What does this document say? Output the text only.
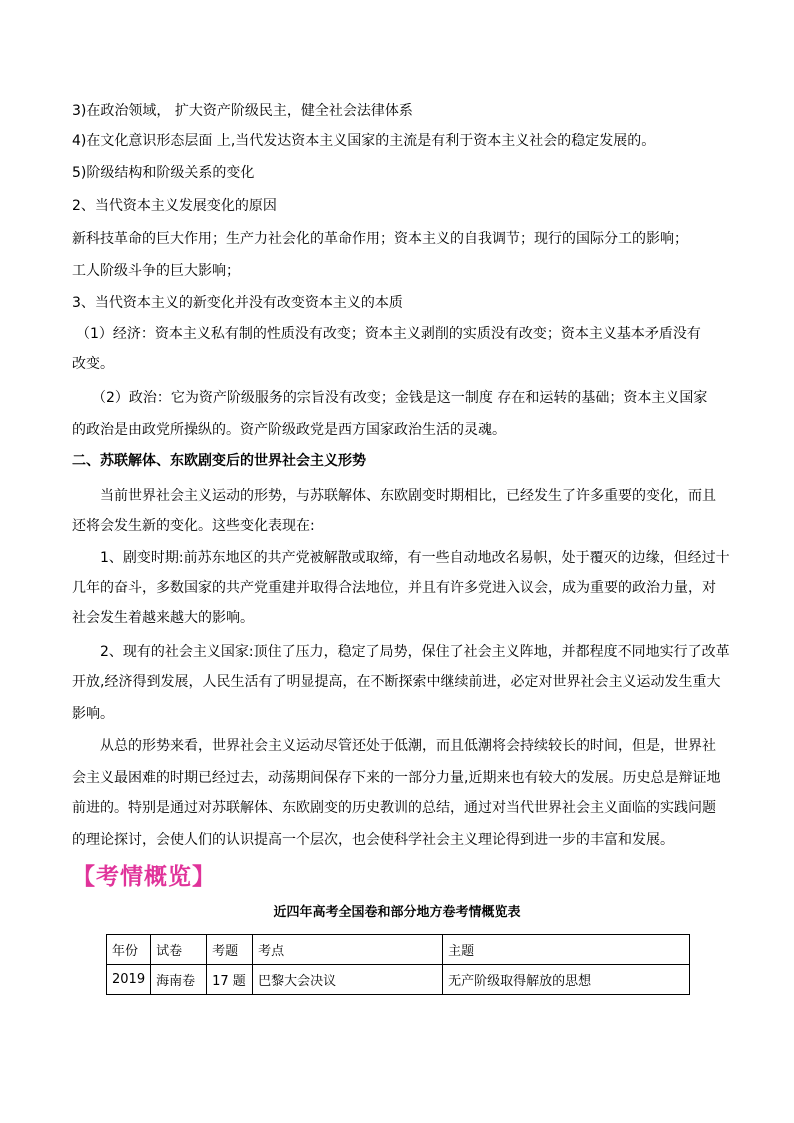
3)在政治领域， 扩大资产阶级民主，健全社会法律体系
4)在文化意识形态层面 上,当代发达资本主义国家的主流是有利于资本主义社会的稳定发展的。
5)阶级结构和阶级关系的变化
2、当代资本主义发展变化的原因
新科技革命的巨大作用；生产力社会化的革命作用；资本主义的自我调节；现行的国际分工的影响；
工人阶级斗争的巨大影响；
3、当代资本主义的新变化并没有改变资本主义的本质
（1）经济：资本主义私有制的性质没有改变；资本主义剥削的实质没有改变；资本主义基本矛盾没有
改变。
（2）政治：它为资产阶级服务的宗旨没有改变；金钱是这一制度 存在和运转的基础；资本主义国家
的政治是由政党所操纵的。资产阶级政党是西方国家政治生活的灵魂。
二、苏联解体、东欧剧变后的世界社会主义形势
当前世界社会主义运动的形势，与苏联解体、东欧剧变时期相比，已经发生了许多重要的变化，而且
还将会发生新的变化。这些变化表现在:
1、剧变时期:前苏东地区的共产党被解散或取缔，有一些自动地改名易帜，处于覆灭的边缘，但经过十
几年的奋斗，多数国家的共产党重建并取得合法地位，并且有许多党进入议会，成为重要的政治力量，对
社会发生着越来越大的影响。
2、现有的社会主义国家:顶住了压力，稳定了局势，保住了社会主义阵地，并都程度不同地实行了改革
开放,经济得到发展，人民生活有了明显提高，在不断探索中继续前进，必定对世界社会主义运动发生重大
影响。
从总的形势来看，世界社会主义运动尽管还处于低潮，而且低潮将会持续较长的时间，但是，世界社
会主义最困难的时期已经过去，动荡期间保存下来的一部分力量,近期来也有较大的发展。历史总是辩证地
前进的。特别是通过对苏联解体、东欧剧变的历史教训的总结，通过对当代世界社会主义面临的实践问题
的理论探讨，会使人们的认识提高一个层次，也会使科学社会主义理论得到进一步的丰富和发展。
【考情概览】
近四年高考全国卷和部分地方卷考情概览表
年份	试卷	考题	考点	主题
2019	海南卷	17 题	巴黎大会决议	无产阶级取得解放的思想
